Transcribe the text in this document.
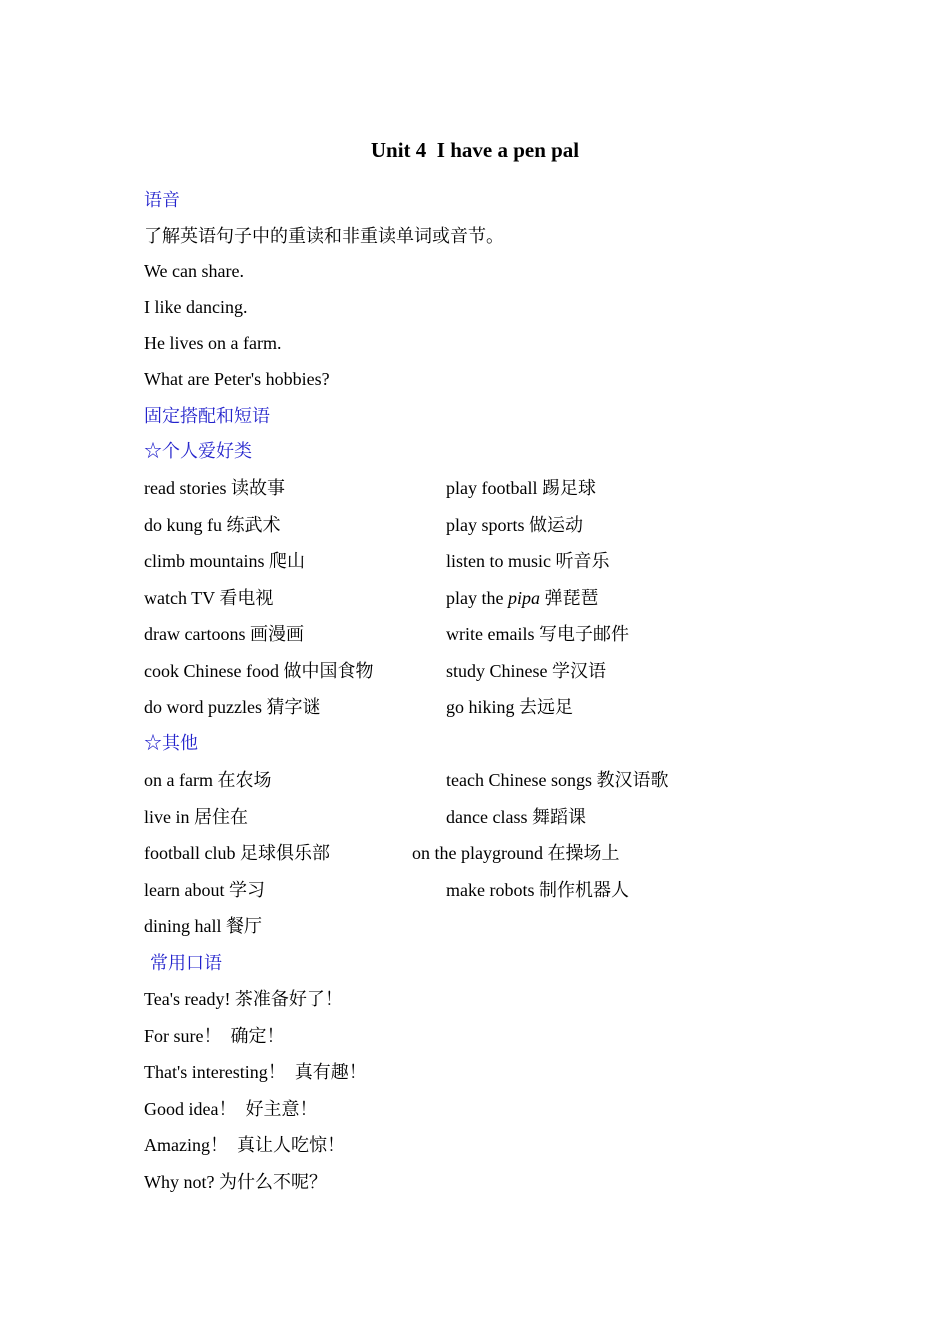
Unit 4  I have a pen pal
语音
了解英语句子中的重读和非重读单词或音节。
We can share.
I like dancing.
He lives on a farm.
What are Peter's hobbies?
固定搭配和短语
☆个人爱好类
read stories 读故事
do kung fu 练武术
climb mountains 爬山
watch TV 看电视
draw cartoons 画漫画
cook Chinese food 做中国食物
do word puzzles 猜字谜
play football 踢足球
play sports 做运动
listen to music 听音乐
play the pipa 弹琵琶
write emails 写电子邮件
study Chinese 学汉语
go hiking 去远足
☆其他
on a farm 在农场
live in 居住在
football club 足球俱乐部
learn about 学习
dining hall 餐厅
teach Chinese songs 教汉语歌
dance class 舞蹈课
on the playground 在操场上
make robots 制作机器人
常用口语
Tea's ready! 茶准备好了！
For sure！  确定！
That's interesting！  真有趣！
Good idea！  好主意！
Amazing！  真让人吃惊！
Why not? 为什么不呢？
